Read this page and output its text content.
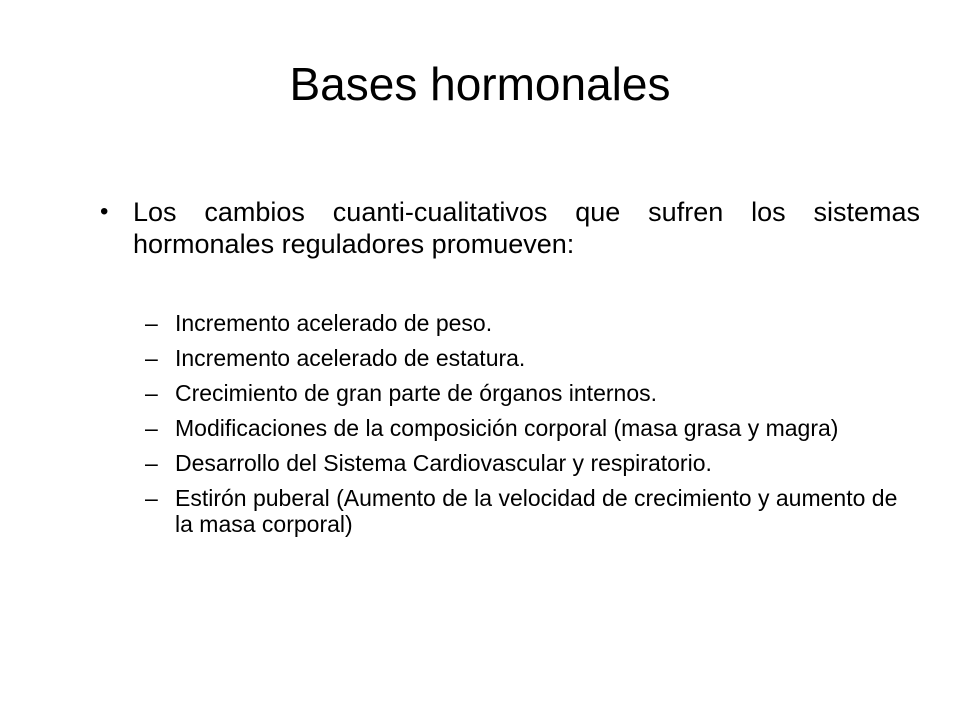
Bases hormonales
• Los cambios cuanti-cualitativos que sufren los sistemas hormonales reguladores promueven:
– Incremento acelerado de peso.
– Incremento acelerado de estatura.
– Crecimiento de gran parte de órganos internos.
– Modificaciones de la composición corporal (masa grasa y magra)
– Desarrollo del Sistema Cardiovascular y respiratorio.
– Estirón puberal (Aumento de la velocidad de crecimiento y aumento de la masa corporal)
